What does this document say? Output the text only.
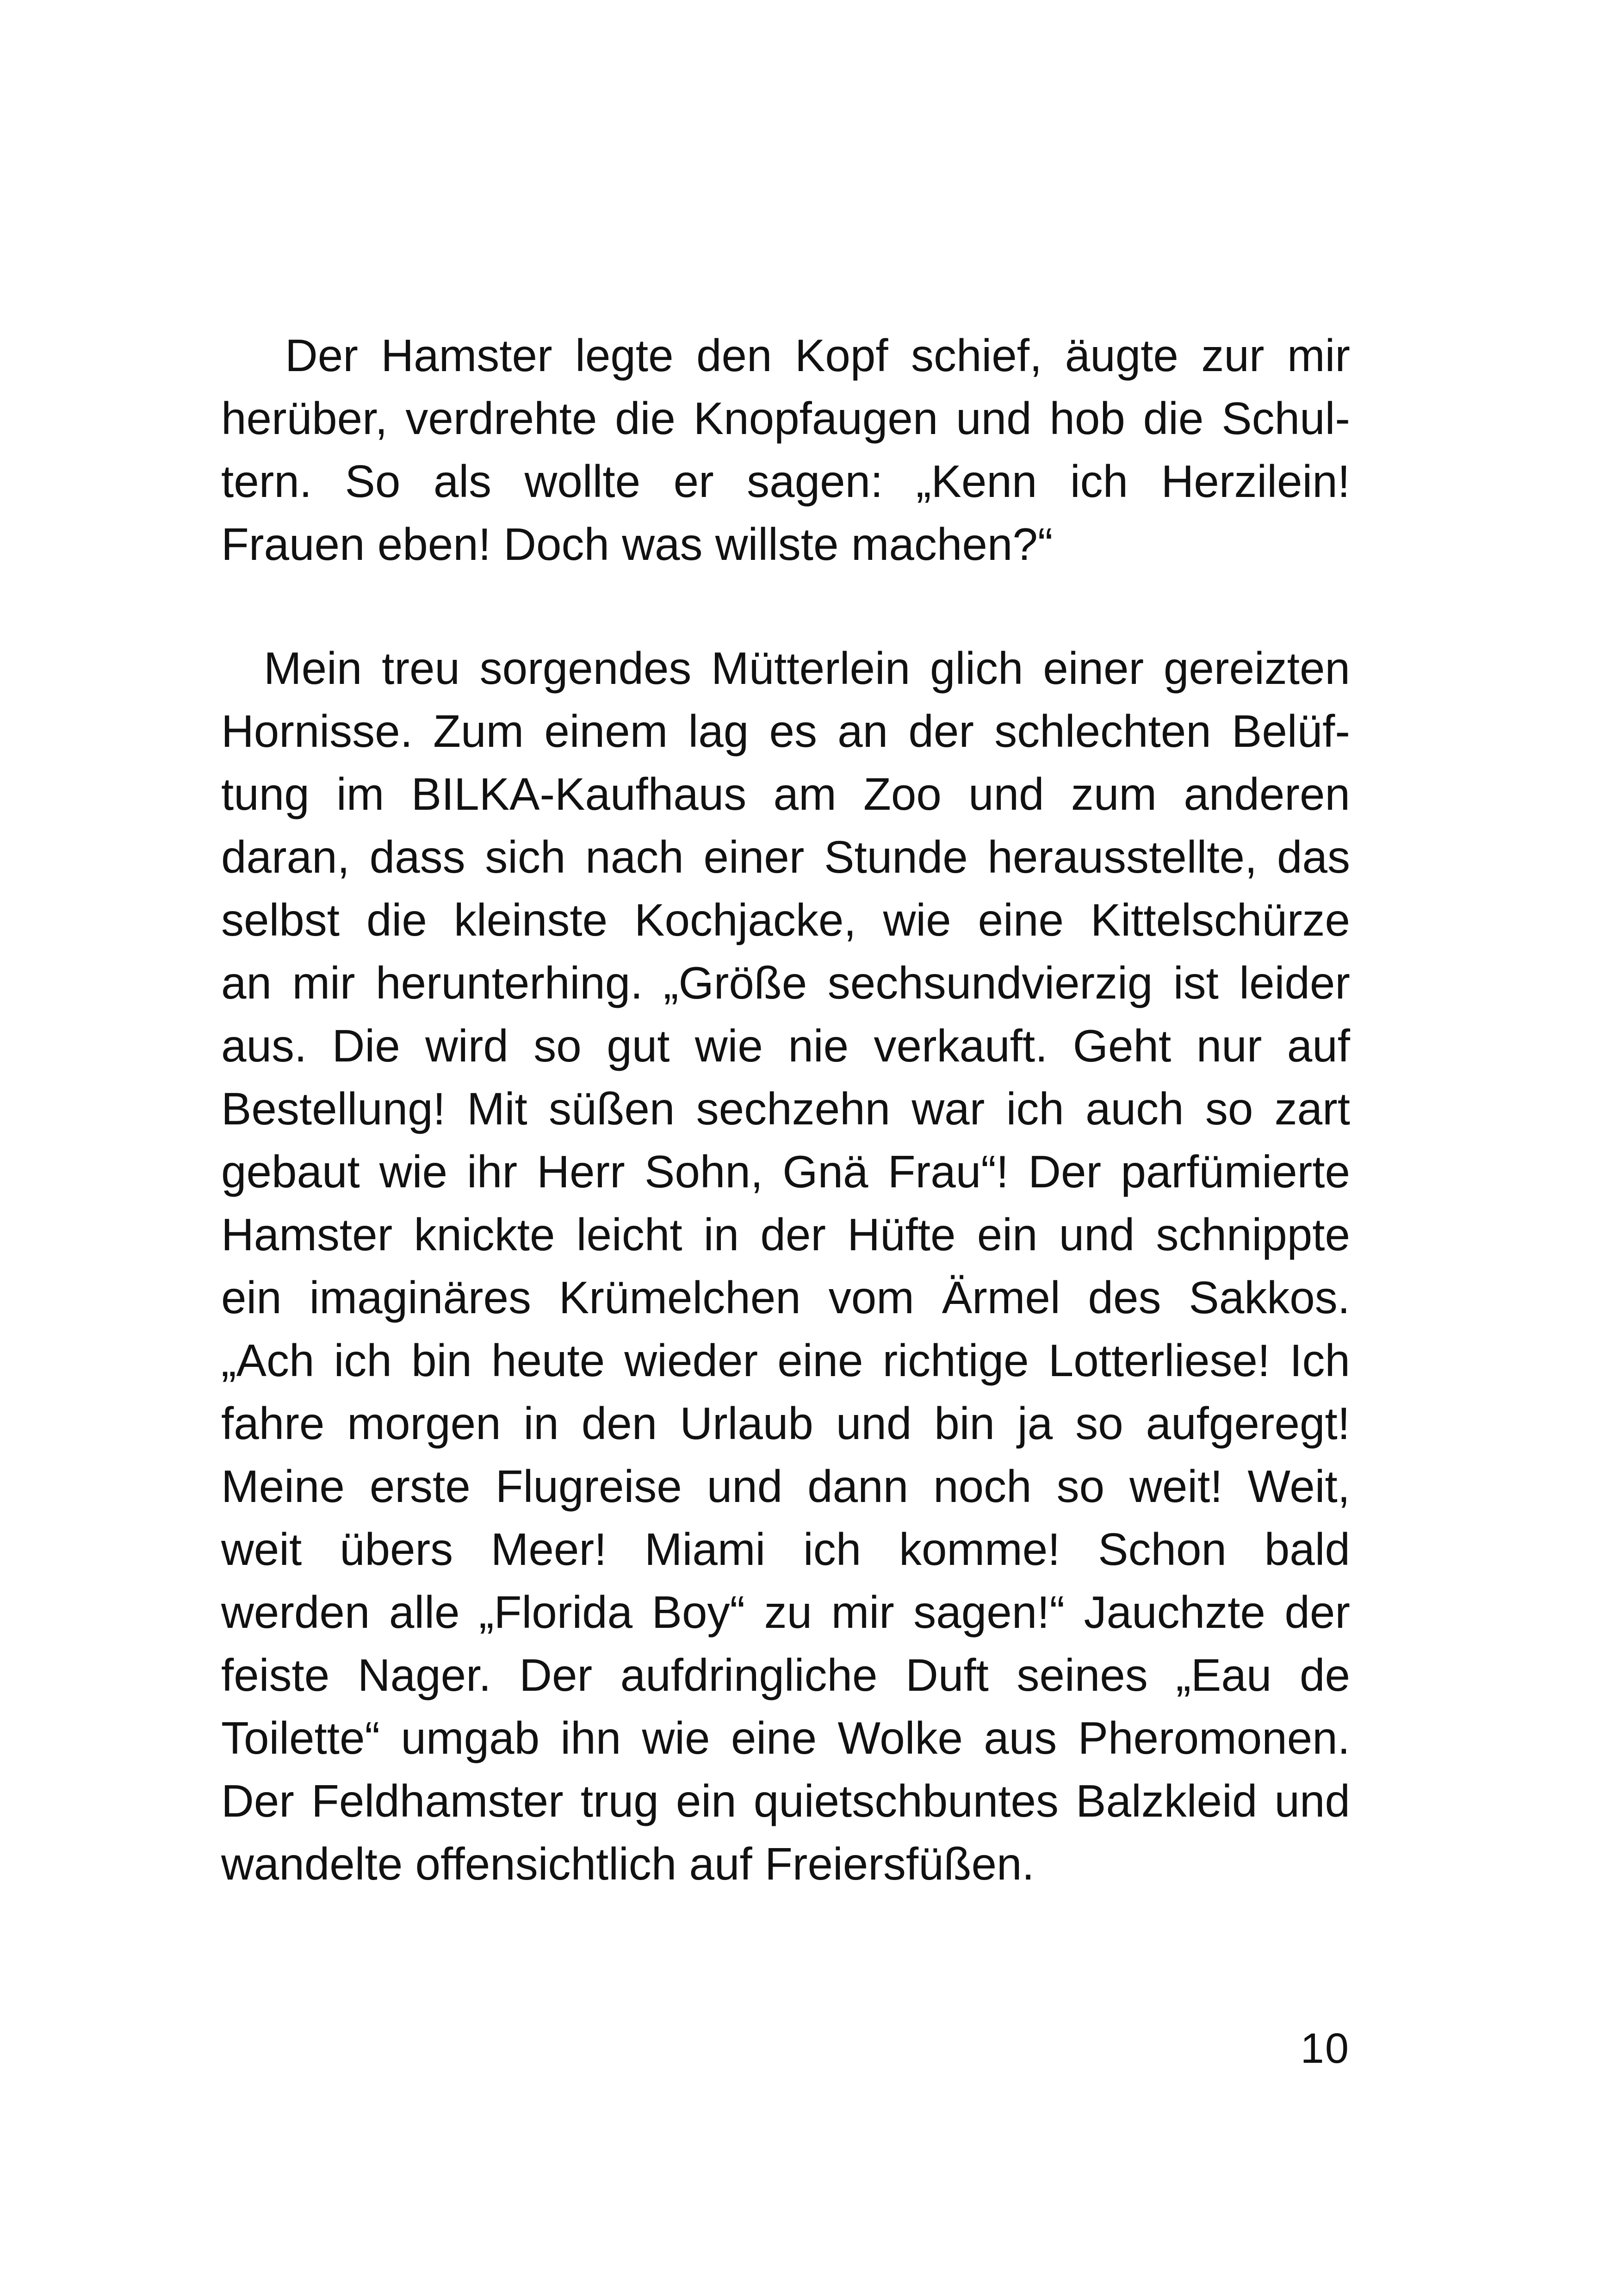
Der Hamster legte den Kopf schief, äugte zur mir
herüber, verdrehte die Knopfaugen und hob die Schul-
tern. So als wollte er sagen: „Kenn ich Herzilein!
Frauen eben! Doch was willste machen?“
Mein treu sorgendes Mütterlein glich einer gereizten
Hornisse. Zum einem lag es an der schlechten Belüf-
tung im BILKA-Kaufhaus am Zoo und zum anderen
daran, dass sich nach einer Stunde herausstellte, das
selbst die kleinste Kochjacke, wie eine Kittelschürze
an mir herunterhing. „Größe sechsundvierzig ist leider
aus. Die wird so gut wie nie verkauft. Geht nur auf
Bestellung! Mit süßen sechzehn war ich auch so zart
gebaut wie ihr Herr Sohn, Gnä Frau“! Der parfümierte
Hamster knickte leicht in der Hüfte ein und schnippte
ein imaginäres Krümelchen vom Ärmel des Sakkos.
„Ach ich bin heute wieder eine richtige Lotterliese! Ich
fahre morgen in den Urlaub und bin ja so aufgeregt!
Meine erste Flugreise und dann noch so weit! Weit,
weit übers Meer! Miami ich komme! Schon bald
werden alle „Florida Boy“ zu mir sagen!“ Jauchzte der
feiste Nager. Der aufdringliche Duft seines „Eau de
Toilette“ umgab ihn wie eine Wolke aus Pheromonen.
Der Feldhamster trug ein quietschbuntes Balzkleid und
wandelte offensichtlich auf Freiersfüßen.
10
